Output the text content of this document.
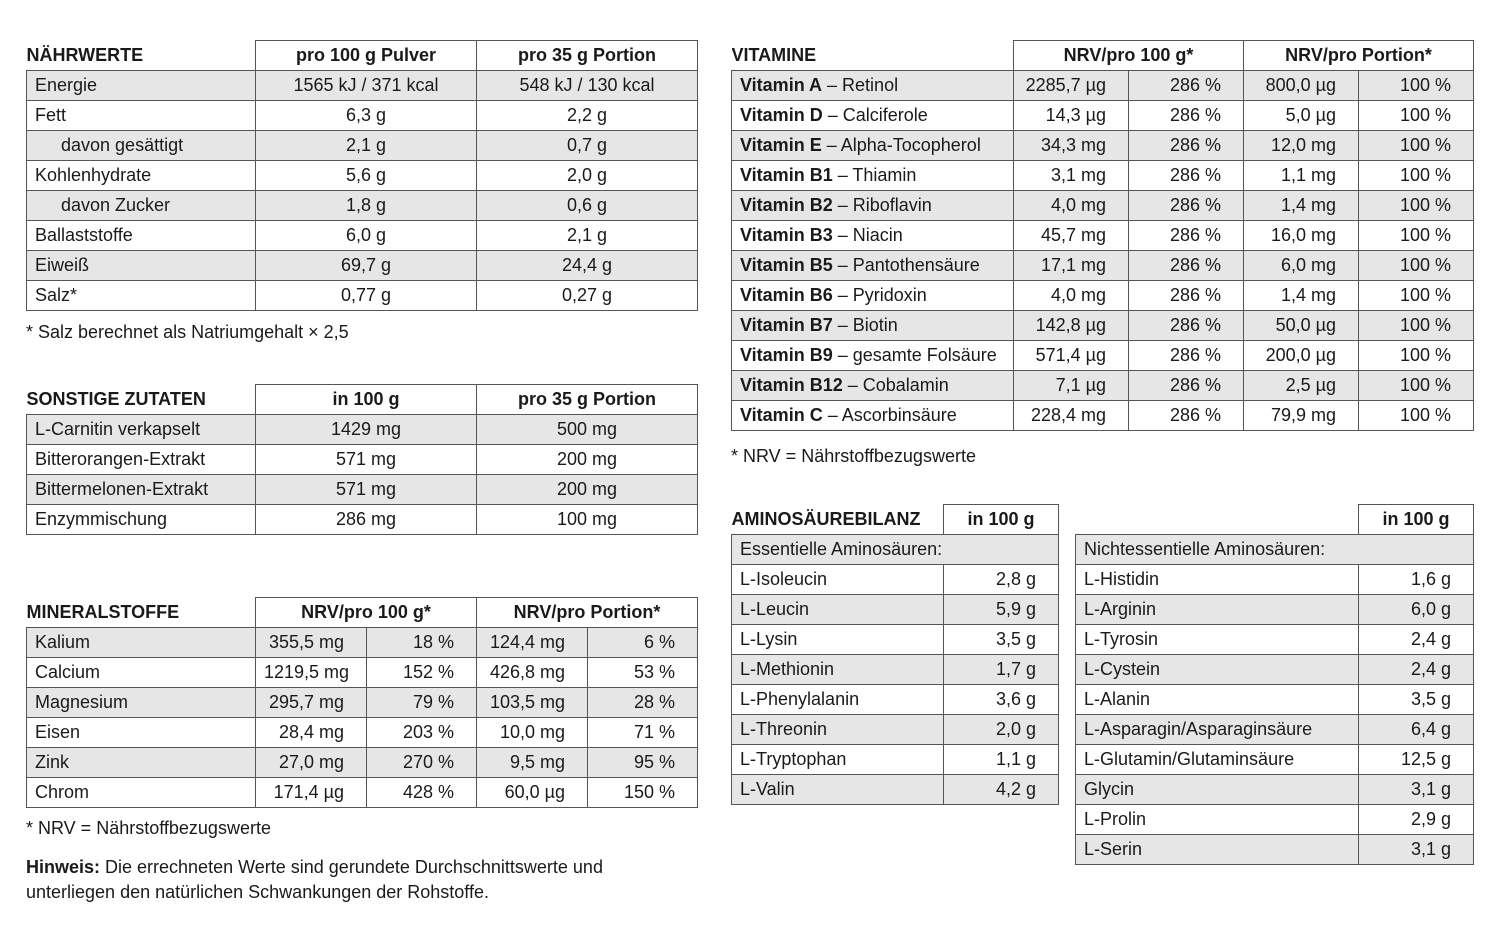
NÄHRWERTE	pro 100 g Pulver	pro 35 g Portion
Energie	1565 kJ / 371 kcal	548 kJ / 130 kcal
Fett	6,3 g	2,2 g
davon gesättigt	2,1 g	0,7 g
Kohlenhydrate	5,6 g	2,0 g
davon Zucker	1,8 g	0,6 g
Ballaststoffe	6,0 g	2,1 g
Eiweiß	69,7 g	24,4 g
Salz*	0,77 g	0,27 g
* Salz berechnet als Natriumgehalt × 2,5
SONSTIGE ZUTATEN	in 100 g	pro 35 g Portion
L-Carnitin verkapselt	1429 mg	500 mg
Bitterorangen-Extrakt	571 mg	200 mg
Bittermelonen-Extrakt	571 mg	200 mg
Enzymmischung	286 mg	100 mg
MINERALSTOFFE	NRV/pro 100 g*		NRV/pro Portion*	
Kalium	355,5 mg	18 %	124,4 mg	6 %
Calcium	1219,5 mg	152 %	426,8 mg	53 %
Magnesium	295,7 mg	79 %	103,5 mg	28 %
Eisen	28,4 mg	203 %	10,0 mg	71 %
Zink	27,0 mg	270 %	9,5 mg	95 %
Chrom	171,4 µg	428 %	60,0 µg	150 %
* NRV = Nährstoffbezugswerte
Hinweis: Die errechneten Werte sind gerundete Durchschnittswerte und
unterliegen den natürlichen Schwankungen der Rohstoffe.
VITAMINE	NRV/pro 100 g*		NRV/pro Portion*	
Vitamin A – Retinol	2285,7 µg	286 %	800,0 µg	100 %
Vitamin D – Calciferole	14,3 µg	286 %	5,0 µg	100 %
Vitamin E – Alpha-Tocopherol	34,3 mg	286 %	12,0 mg	100 %
Vitamin B1 – Thiamin	3,1 mg	286 %	1,1 mg	100 %
Vitamin B2 – Riboflavin	4,0 mg	286 %	1,4 mg	100 %
Vitamin B3 – Niacin	45,7 mg	286 %	16,0 mg	100 %
Vitamin B5 – Pantothensäure	17,1 mg	286 %	6,0 mg	100 %
Vitamin B6 – Pyridoxin	4,0 mg	286 %	1,4 mg	100 %
Vitamin B7 – Biotin	142,8 µg	286 %	50,0 µg	100 %
Vitamin B9 – gesamte Folsäure	571,4 µg	286 %	200,0 µg	100 %
Vitamin B12 – Cobalamin	7,1 µg	286 %	2,5 µg	100 %
Vitamin C – Ascorbinsäure	228,4 mg	286 %	79,9 mg	100 %
* NRV = Nährstoffbezugswerte
AMINOSÄUREBILANZ	in 100 g
Essentielle Aminosäuren:	
L-Isoleucin	2,8 g
L-Leucin	5,9 g
L-Lysin	3,5 g
L-Methionin	1,7 g
L-Phenylalanin	3,6 g
L-Threonin	2,0 g
L-Tryptophan	1,1 g
L-Valin	4,2 g
	in 100 g
Nichtessentielle Aminosäuren:	
L-Histidin	1,6 g
L-Arginin	6,0 g
L-Tyrosin	2,4 g
L-Cystein	2,4 g
L-Alanin	3,5 g
L-Asparagin/Asparaginsäure	6,4 g
L-Glutamin/Glutaminsäure	12,5 g
Glycin	3,1 g
L-Prolin	2,9 g
L-Serin	3,1 g
